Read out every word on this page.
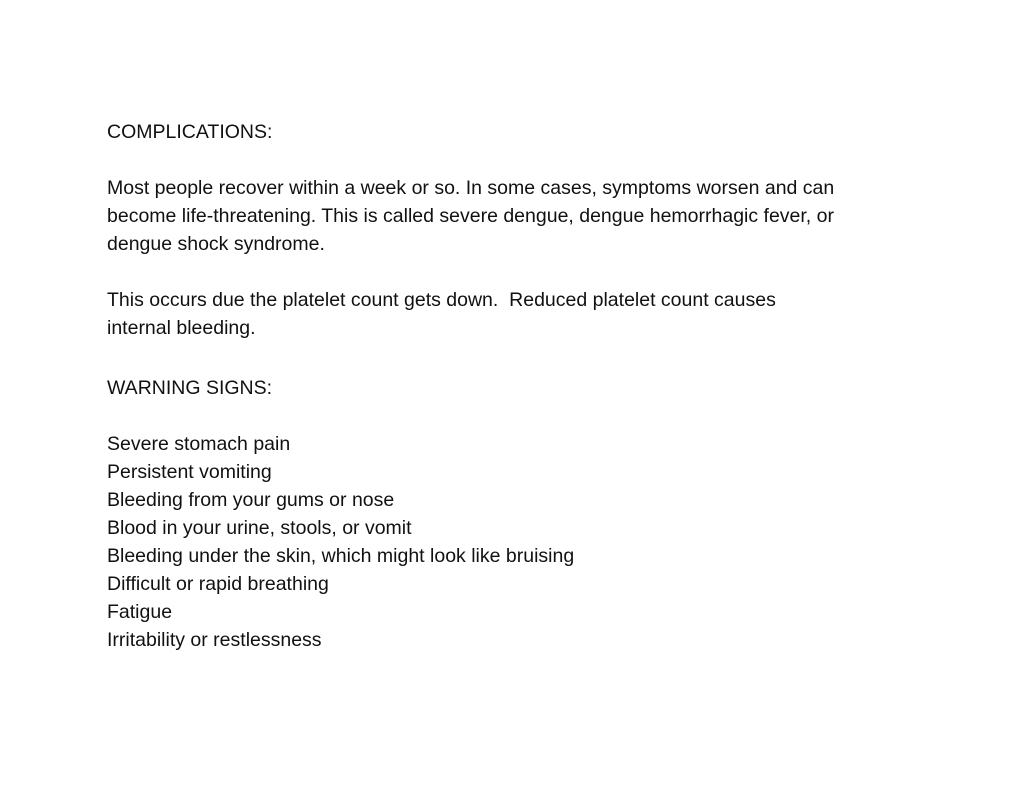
COMPLICATIONS:
Most people recover within a week or so. In some cases, symptoms worsen and can
become life-threatening. This is called severe dengue, dengue hemorrhagic fever, or
dengue shock syndrome.
This occurs due the platelet count gets down.  Reduced platelet count causes
internal bleeding.
WARNING SIGNS:
Severe stomach pain
Persistent vomiting
Bleeding from your gums or nose
Blood in your urine, stools, or vomit
Bleeding under the skin, which might look like bruising
Difficult or rapid breathing
Fatigue
Irritability or restlessness
